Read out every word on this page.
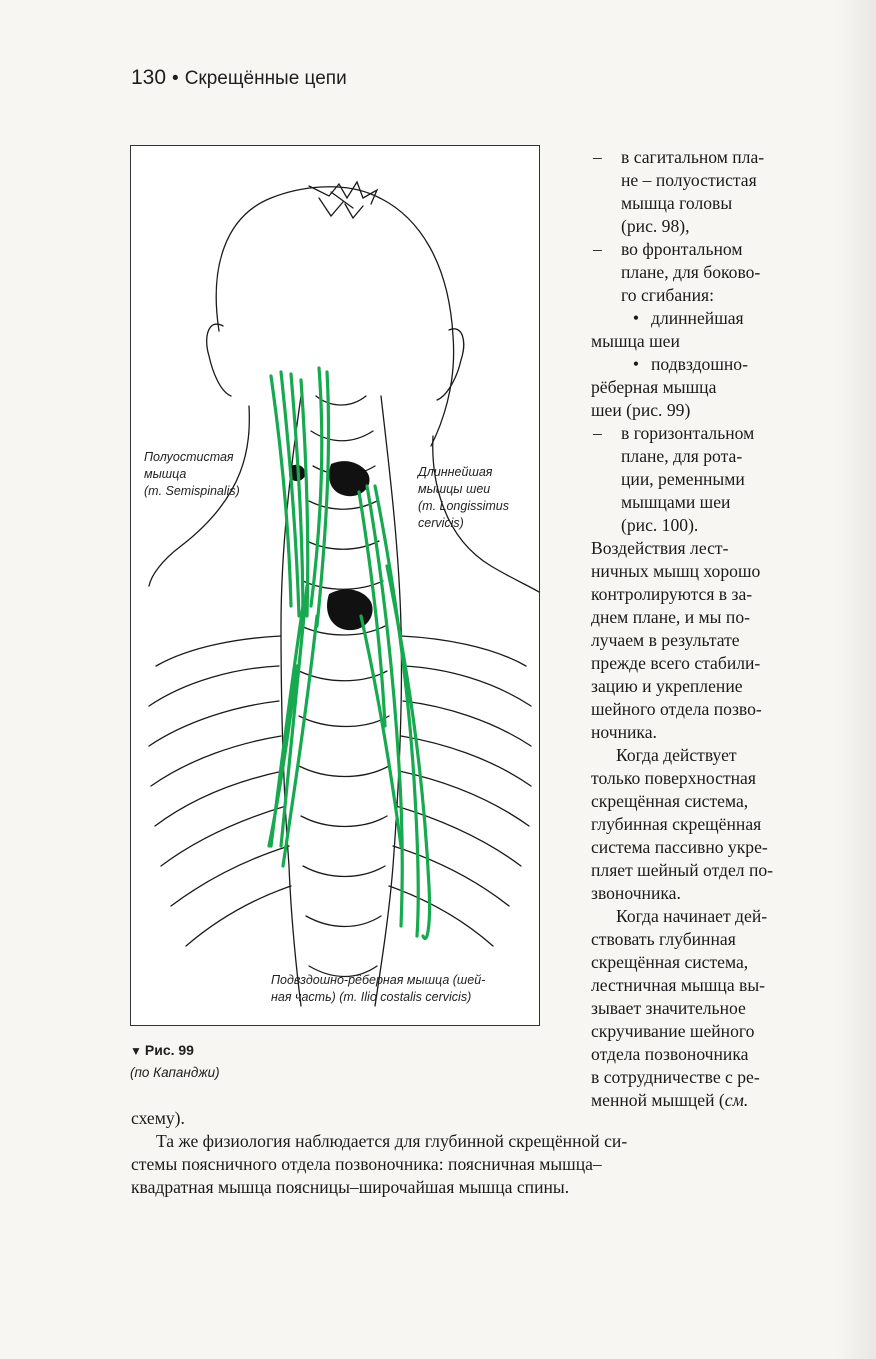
130 • Скрещённые цепи
Полуостистая
мышца
(m. Semispinalis)
Длиннейшая
мышцы шеи
(m. Longissimus
cervicis)
Подвздошно-рёберная мышца (шей-
ная часть) (m. Ilio costalis cervicis)
▼ Рис. 99
(по Капанджи)
– в сагитальном пла-
не – полуостистая
мышца головы
(рис. 98),
– во фронтальном
плане, для боково-
го сгибания:
• длиннейшая
мышца шеи
• подвздошно-
рёберная мышца
шеи (рис. 99)
– в горизонтальном
плане, для рота-
ции, ременными
мышцами шеи
(рис. 100).
Воздействия лест-
ничных мышц хорошо
контролируются в за-
днем плане, и мы по-
лучаем в результате
прежде всего стабили-
зацию и укрепление
шейного отдела позво-
ночника.
Когда действует
только поверхностная
скрещённая система,
глубинная скрещённая
система пассивно укре-
пляет шейный отдел по-
звоночника.
Когда начинает дей-
ствовать глубинная
скрещённая система,
лестничная мышца вы-
зывает значительное
скручивание шейного
отдела позвоночника
в сотрудничестве с ре-
менной мышцей (см.
схему).
Та же физиология наблюдается для глубинной скрещённой си-
стемы поясничного отдела позвоночника: поясничная мышца–
квадратная мышца поясницы–широчайшая мышца спины.
